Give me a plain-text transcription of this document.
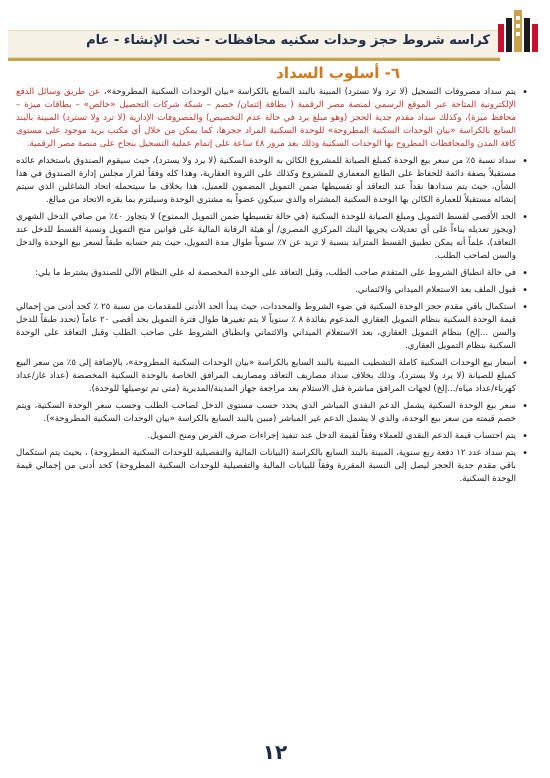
كراسه شروط حجز وحدات سكنيه محافظات - تحت الإنشاء - عام
٦- أسلوب السداد
• يتم سداد مصروفات التسجيل (لا ترد ولا تسترد) المبينة بالبند السابع بالكراسة «بيان الوحدات السكنية المطروحة»، عن طريق وسائل الدفع الإلكترونية المتاحة عبر الموقع الرسمي لمنصة مصر الرقمية ( بطاقة إئتمان/ خصم – شبكة شركات التحصيل «خالص» – بطاقات ميزة – محافظ ميزة)، وكذلك سداد مقدم جدية الحجز (وهو مبلغ يرد في حالة عدم التخصيص) والمصروفات الإدارية (لا ترد ولا تسترد) المبينة بالبند السابع بالكراسة «بيان الوحدات السكنية المطروحة» للوحدة السكنية المراد حجزها، كما يمكن من خلال أي مكتب بريد موجود على مستوى كافة المدن والمحافظات المطروح بها الوحدات السكنية وذلك بعد مرور ٤٨ ساعة على إتمام عملية التسجيل بنجاح على منصة مصر الرقمية.
• سداد نسبة ٥٪ من سعر بيع الوحدة كمبلغ الصيانة للمشروع الكائن به الوحدة السكنية (لا يرد ولا يسترد)، حيث سيقوم الصندوق باستخدام عائده مستقبلاً بصفة دائمة للحفاظ على الطابع المعماري للمشروع وكذلك على الثروة العقارية، وهذا كله وفقاً لقرار مجلس إدارة الصندوق في هذا الشأن، حيث يتم سدادها نقداً عند التعاقد أو تقسيطها ضمن التمويل المضمون للعميل، هذا بخلاف ما سيتحمله اتحاد الشاغلين الذي سيتم إنشائه مستقبلاً للعمارة الكائن بها الوحدة السكنية المشتراه والذي سيكون عضواً به مشتري الوحدة وسيلتزم بما يقره الاتحاد من مبالغ.
• الحد الأقصى لقسط التمويل ومبلغ الصيانة للوحدة السكنية (في حالة تقسيطها ضمن التمويل الممنوح) لا يتجاوز ٤٠٪ من صافي الدخل الشهري (ويجوز تعديله بناءاً على أي تعديلات يجريها البنك المركزي المصري/ أو هيئة الرقابة المالية على قوانين منح التمويل ونسبة القسط للدخل عند التعاقد)، علماً أنه يمكن تطبيق القسط المتزايد بنسبة لا تزيد عن ٧٪ سنوياً طوال مدة التمويل، حيث يتم حسابه طبقاً لسعر بيع الوحدة والدخل والسن لصاحب الطلب.
• في حالة انطباق الشروط على المتقدم صاحب الطلب، وقبل التعاقد على الوحدة المخصصة له على النظام الآلي للصندوق يشترط ما يلي:
• قبول الملف بعد الاستعلام الميداني والائتماني.
• استكمال باقي مقدم حجز الوحدة السكنية في ضوء الشروط والمحددات، حيث يبدأ الحد الأدنى للمقدمات من نسبة ٢٥ ٪ كحد أدنى من إجمالي قيمة الوحدة السكنية بنظام التمويل العقاري المدعوم بفائدة ٨ ٪ سنوياً لا يتم تغييرها طوال فترة التمويل بحد أقصى ٢٠ عاماً (تحدد طبقاً للدخل والسن ...إلخ) بنظام التمويل العقاري، بعد الاستعلام الميداني والائتماني وانطباق الشروط على صاحب الطلب وقبل التعاقد على الوحدة السكنية بنظام التمويل العقاري.
• أسعار بيع الوحدات السكنية كاملة التشطيب المبينة بالبند السابع بالكراسة «بيان الوحدات السكنية المطروحة»، بالإضافة إلى ٥٪ من سعر البيع كمبلغ للصيانة (لا يرد ولا يسترد)، وذلك بخلاف سداد مصاريف التعاقد ومصاريف المرافق الخاصة بالوحدة السكنية المخصصة (عداد غاز/عداد كهرباء/عداد مياه/...إلخ) لجهات المرافق مباشرة قبل الاستلام بعد مراجعة جهاز المدينة/المديرية (متى تم توصيلها للوحدة).
• سعر بيع الوحدة السكنية يشمل الدعم النقدي المباشر الذي يحدد حسب مستوى الدخل لصاحب الطلب وحسب سعر الوحدة السكنية، ويتم خصم قيمته من سعر بيع الوحدة، والذي لا يشمل الدعم غير المباشر (مبين بالبند السابع بالكراسة «بيان الوحدات السكنية المطروحة»).
• يتم احتساب قيمة الدعم النقدي للعملاء وفقاً لقيمة الدخل عند تنفيذ إجراءات صرف القرض ومنح التمويل.
• يتم سداد عدد ١٢ دفعة ربع سنوية، المبينة بالبند السابع بالكراسة (البيانات المالية والتفصيلية للوحدات السكنية المطروحة) ، بحيث يتم استكمال باقي مقدم جدية الحجز ليصل إلى النسبة المقررة وفقاً للبيانات المالية والتفصيلية للوحدات السكنية المطروحة) كحد أدنى من إجمالي قيمة الوحدة السكنية.
١٢
